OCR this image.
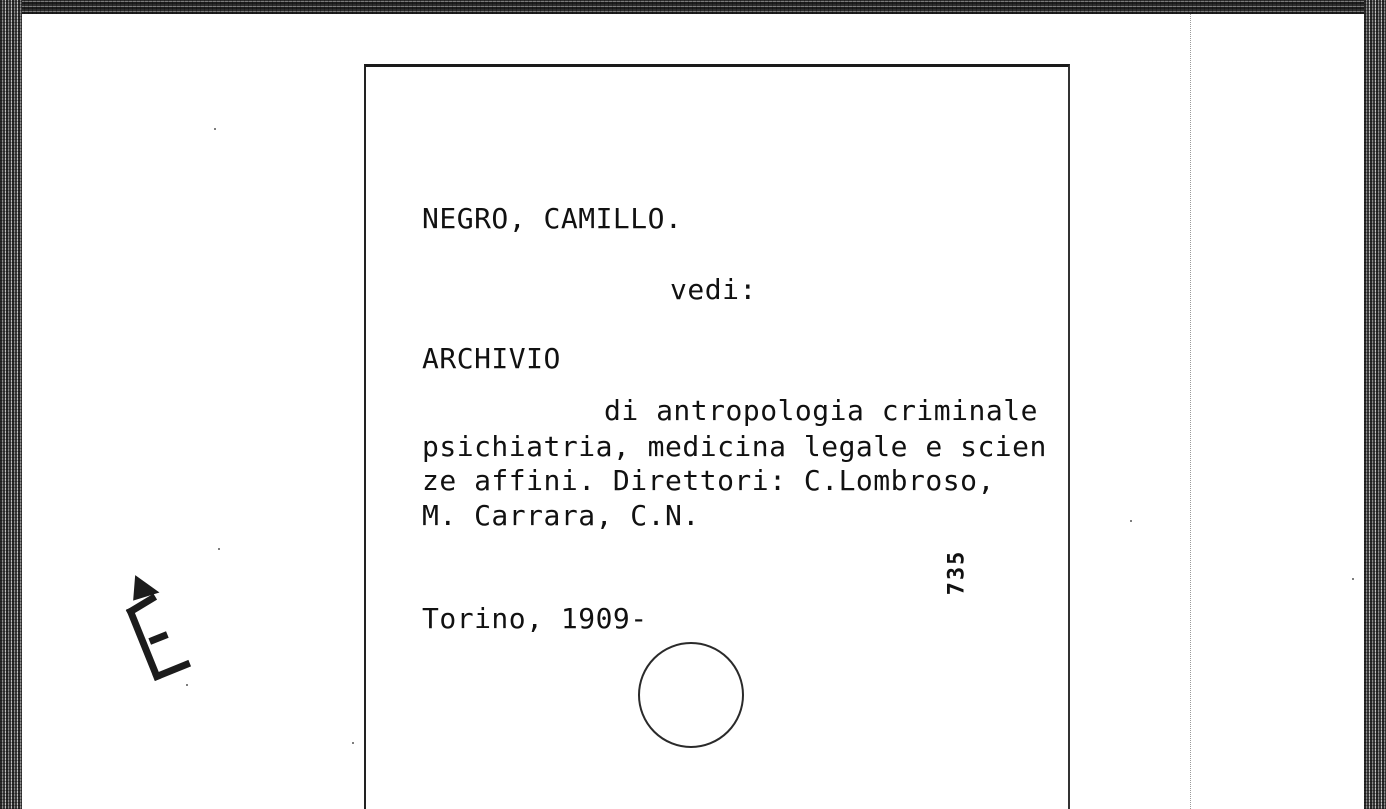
NEGRO, CAMILLO.
vedi:
ARCHIVIO
di antropologia criminale
psichiatria, medicina legale e scien
ze affini. Direttori: C.Lombroso,
M. Carrara, C.N.
735
Torino, 1909-
